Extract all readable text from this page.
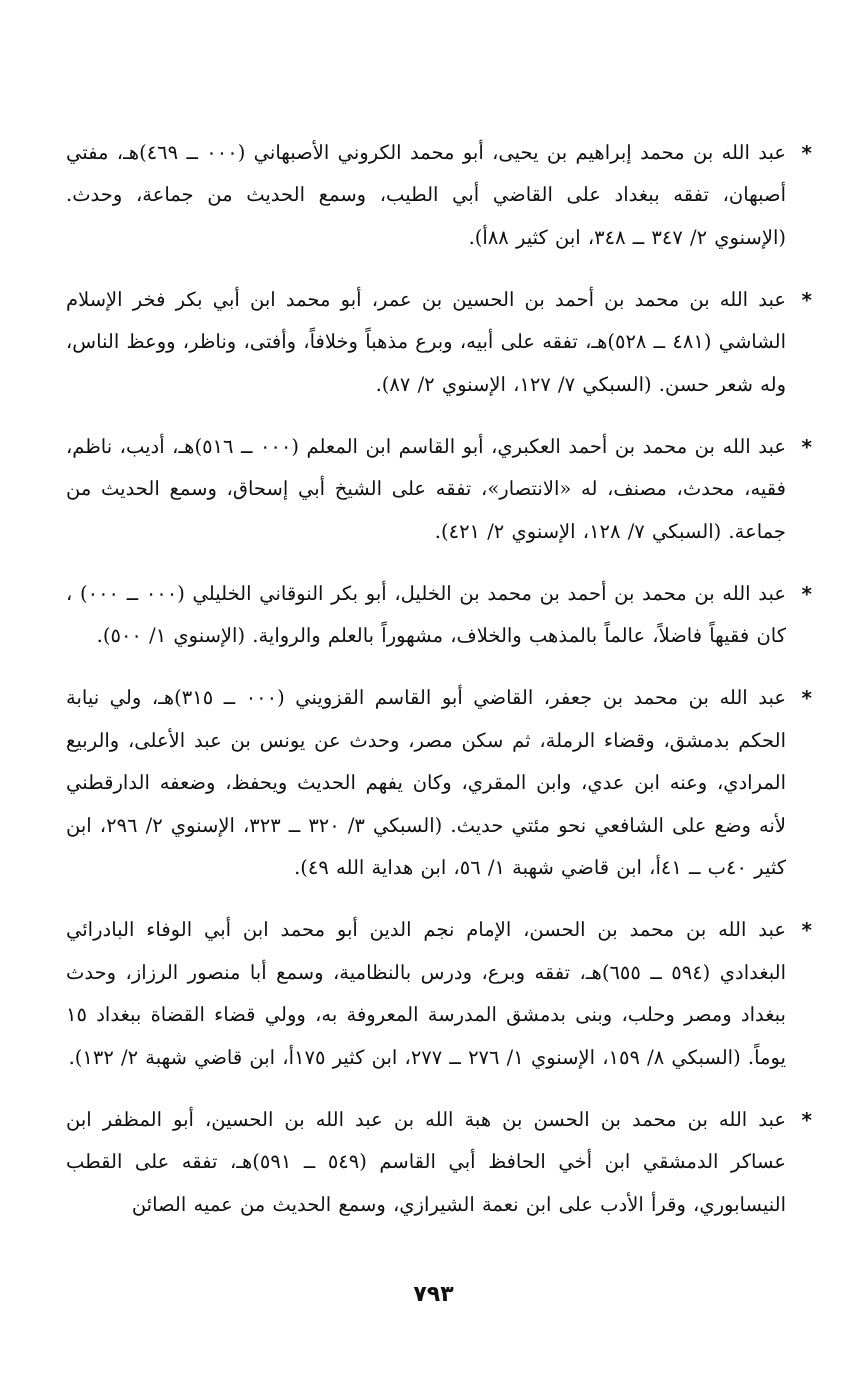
*
عبد الله بن محمد إبراهيم بن يحيى، أبو محمد الكروني الأصبهاني (٠٠٠ ــ ٤٦٩)هـ، مفتي أصبهان، تفقه ببغداد على القاضي أبي الطيب، وسمع الحديث من جماعة، وحدث. (الإسنوي ٢/ ٣٤٧ ــ ٣٤٨، ابن كثير ٨٨أ).

*
عبد الله بن محمد بن أحمد بن الحسين بن عمر، أبو محمد ابن أبي بكر فخر الإسلام الشاشي (٤٨١ ــ ٥٢٨)هـ، تفقه على أبيه، وبرع مذهباً وخلافاً، وأفتى، وناظر، ووعظ الناس، وله شعر حسن. (السبكي ٧/ ١٢٧، الإسنوي ٢/ ٨٧).

*
عبد الله بن محمد بن أحمد العكبري، أبو القاسم ابن المعلم (٠٠٠ ــ ٥١٦)هـ، أديب، ناظم، فقيه، محدث، مصنف، له «الانتصار»، تفقه على الشيخ أبي إسحاق، وسمع الحديث من جماعة. (السبكي ٧/ ١٢٨، الإسنوي ٢/ ٤٢١).

*
عبد الله بن محمد بن أحمد بن محمد بن الخليل، أبو بكر النوقاني الخليلي (٠٠٠ ــ ٠٠٠) ، كان فقيهاً فاضلاً، عالماً بالمذهب والخلاف، مشهوراً بالعلم والرواية. (الإسنوي ١/ ٥٠٠).

*
عبد الله بن محمد بن جعفر، القاضي أبو القاسم القزويني (٠٠٠ ــ ٣١٥)هـ، ولي نيابة الحكم بدمشق، وقضاء الرملة، ثم سكن مصر، وحدث عن يونس بن عبد الأعلى، والربيع المرادي، وعنه ابن عدي، وابن المقري، وكان يفهم الحديث ويحفظ، وضعفه الدارقطني لأنه وضع على الشافعي نحو مئتي حديث. (السبكي ٣/ ٣٢٠ ــ ٣٢٣، الإسنوي ٢/ ٢٩٦، ابن كثير ٤٠ب ــ ٤١أ، ابن قاضي شهبة ١/ ٥٦، ابن هداية الله ٤٩).

*
عبد الله بن محمد بن الحسن، الإمام نجم الدين أبو محمد ابن أبي الوفاء البادرائي البغدادي (٥٩٤ ــ ٦٥٥)هـ، تفقه وبرع، ودرس بالنظامية، وسمع أبا منصور الرزاز، وحدث ببغداد ومصر وحلب، وبنى بدمشق المدرسة المعروفة به، وولي قضاء القضاة ببغداد ١٥ يوماً. (السبكي ٨/ ١٥٩، الإسنوي ١/ ٢٧٦ ــ ٢٧٧، ابن كثير ١٧٥أ، ابن قاضي شهبة ٢/ ١٣٢).

*
عبد الله بن محمد بن الحسن بن هبة الله بن عبد الله بن الحسين، أبو المظفر ابن عساكر الدمشقي ابن أخي الحافظ أبي القاسم (٥٤٩ ــ ٥٩١)هـ، تفقه على القطب النيسابوري، وقرأ الأدب على ابن نعمة الشيرازي، وسمع الحديث من عميه الصائن

٧٩٣
